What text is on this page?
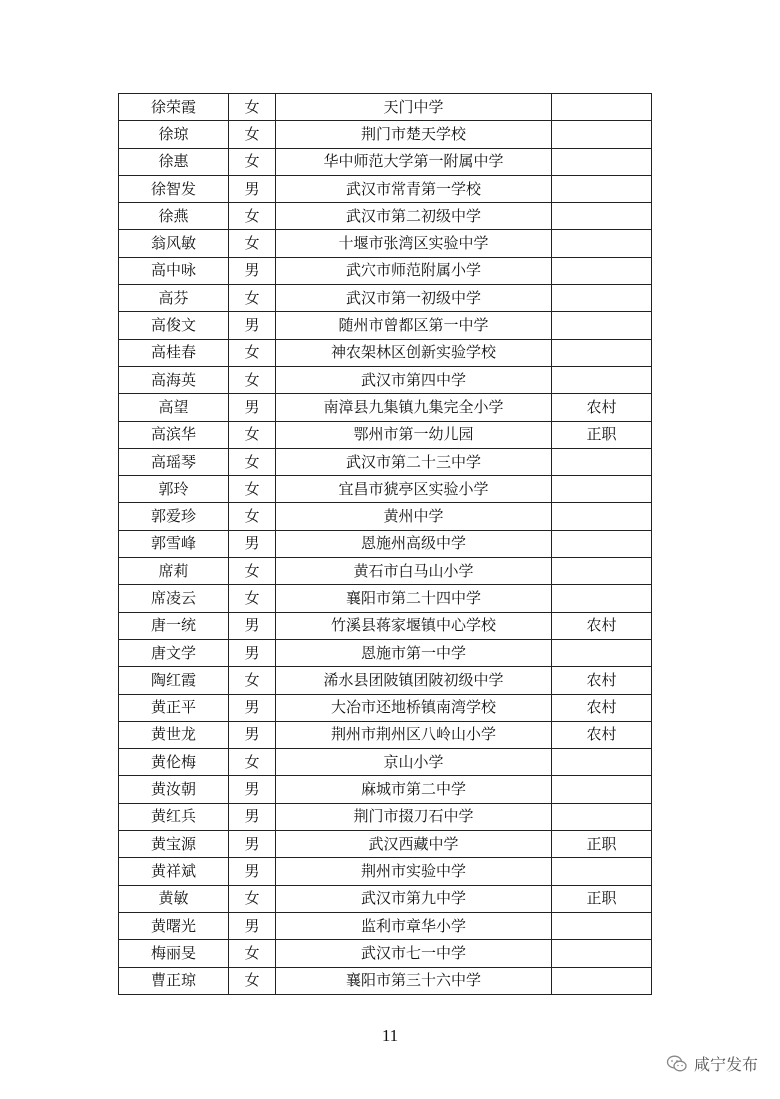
徐荣霞	女	天门中学	
徐琼	女	荆门市楚天学校	
徐惠	女	华中师范大学第一附属中学	
徐智发	男	武汉市常青第一学校	
徐燕	女	武汉市第二初级中学	
翁风敏	女	十堰市张湾区实验中学	
高中咏	男	武穴市师范附属小学	
高芬	女	武汉市第一初级中学	
高俊文	男	随州市曾都区第一中学	
高桂春	女	神农架林区创新实验学校	
高海英	女	武汉市第四中学	
高望	男	南漳县九集镇九集完全小学	农村
高滨华	女	鄂州市第一幼儿园	正职
高瑶琴	女	武汉市第二十三中学	
郭玲	女	宜昌市猇亭区实验小学	
郭爱珍	女	黄州中学	
郭雪峰	男	恩施州高级中学	
席莉	女	黄石市白马山小学	
席凌云	女	襄阳市第二十四中学	
唐一统	男	竹溪县蒋家堰镇中心学校	农村
唐文学	男	恩施市第一中学	
陶红霞	女	浠水县团陂镇团陂初级中学	农村
黄正平	男	大冶市还地桥镇南湾学校	农村
黄世龙	男	荆州市荆州区八岭山小学	农村
黄伦梅	女	京山小学	
黄汝朝	男	麻城市第二中学	
黄红兵	男	荆门市掇刀石中学	
黄宝源	男	武汉西藏中学	正职
黄祥斌	男	荆州市实验中学	
黄敏	女	武汉市第九中学	正职
黄曙光	男	监利市章华小学	
梅丽旻	女	武汉市七一中学	
曹正琼	女	襄阳市第三十六中学	
11
咸宁发布
